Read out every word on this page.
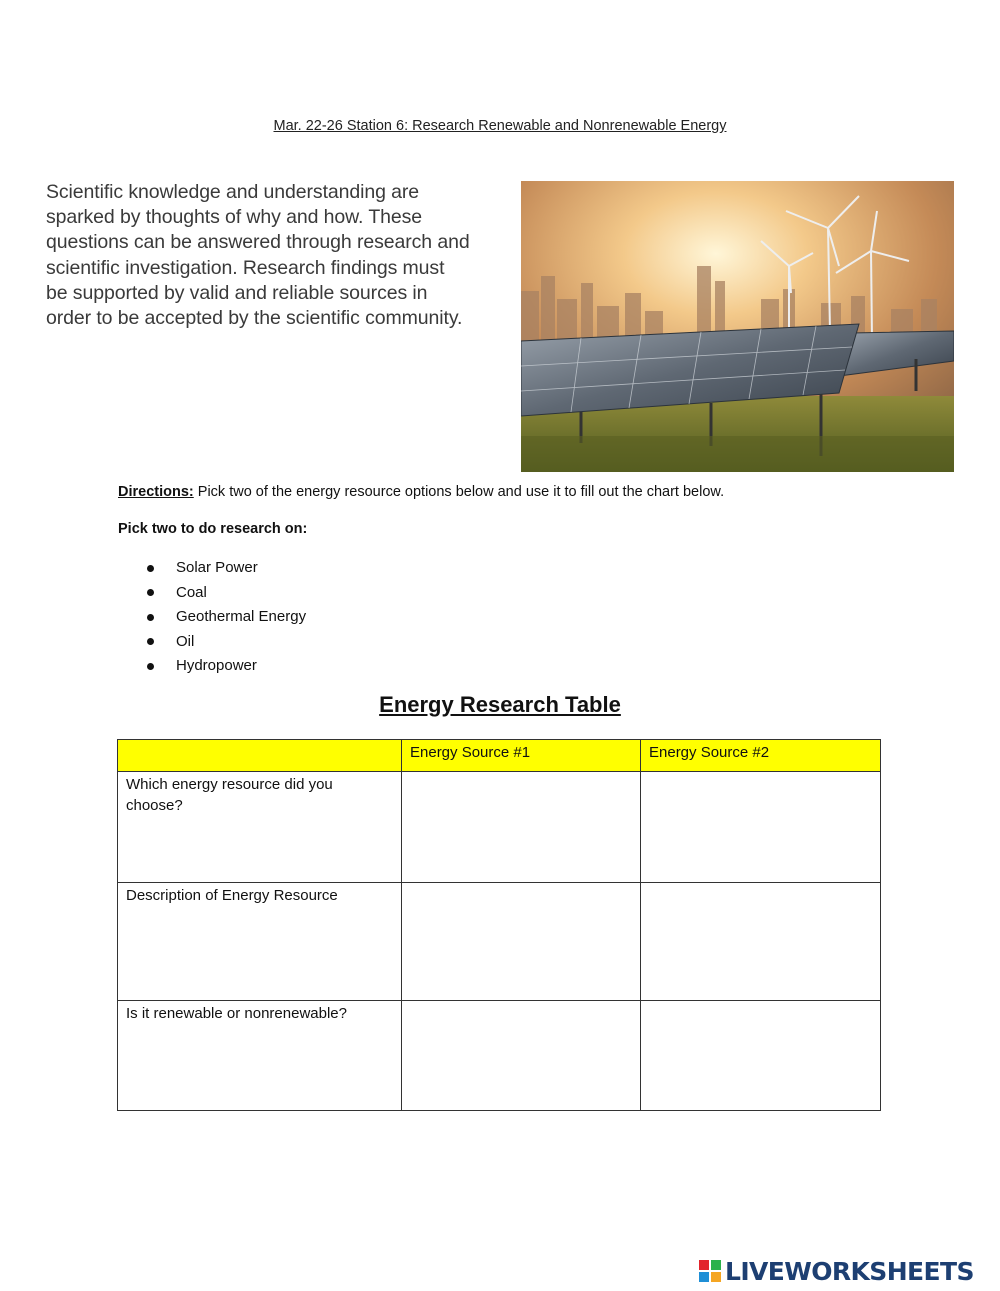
Mar. 22-26 Station 6: Research Renewable and Nonrenewable Energy
Scientific knowledge and understanding are
sparked by thoughts of why and how. These
questions can be answered through research and
scientific investigation. Research findings must
be supported by valid and reliable sources in
order to be accepted by the scientific community.
Directions: Pick two of the energy resource options below and use it to fill out the chart below.
Pick two to do research on:
Solar Power
Coal
Geothermal Energy
Oil
Hydropower
Energy Research Table
	Energy Source #1	Energy Source #2
Which energy resource did you choose?		
Description of Energy Resource		
Is it renewable or nonrenewable?		
LIVEWORKSHEETS
